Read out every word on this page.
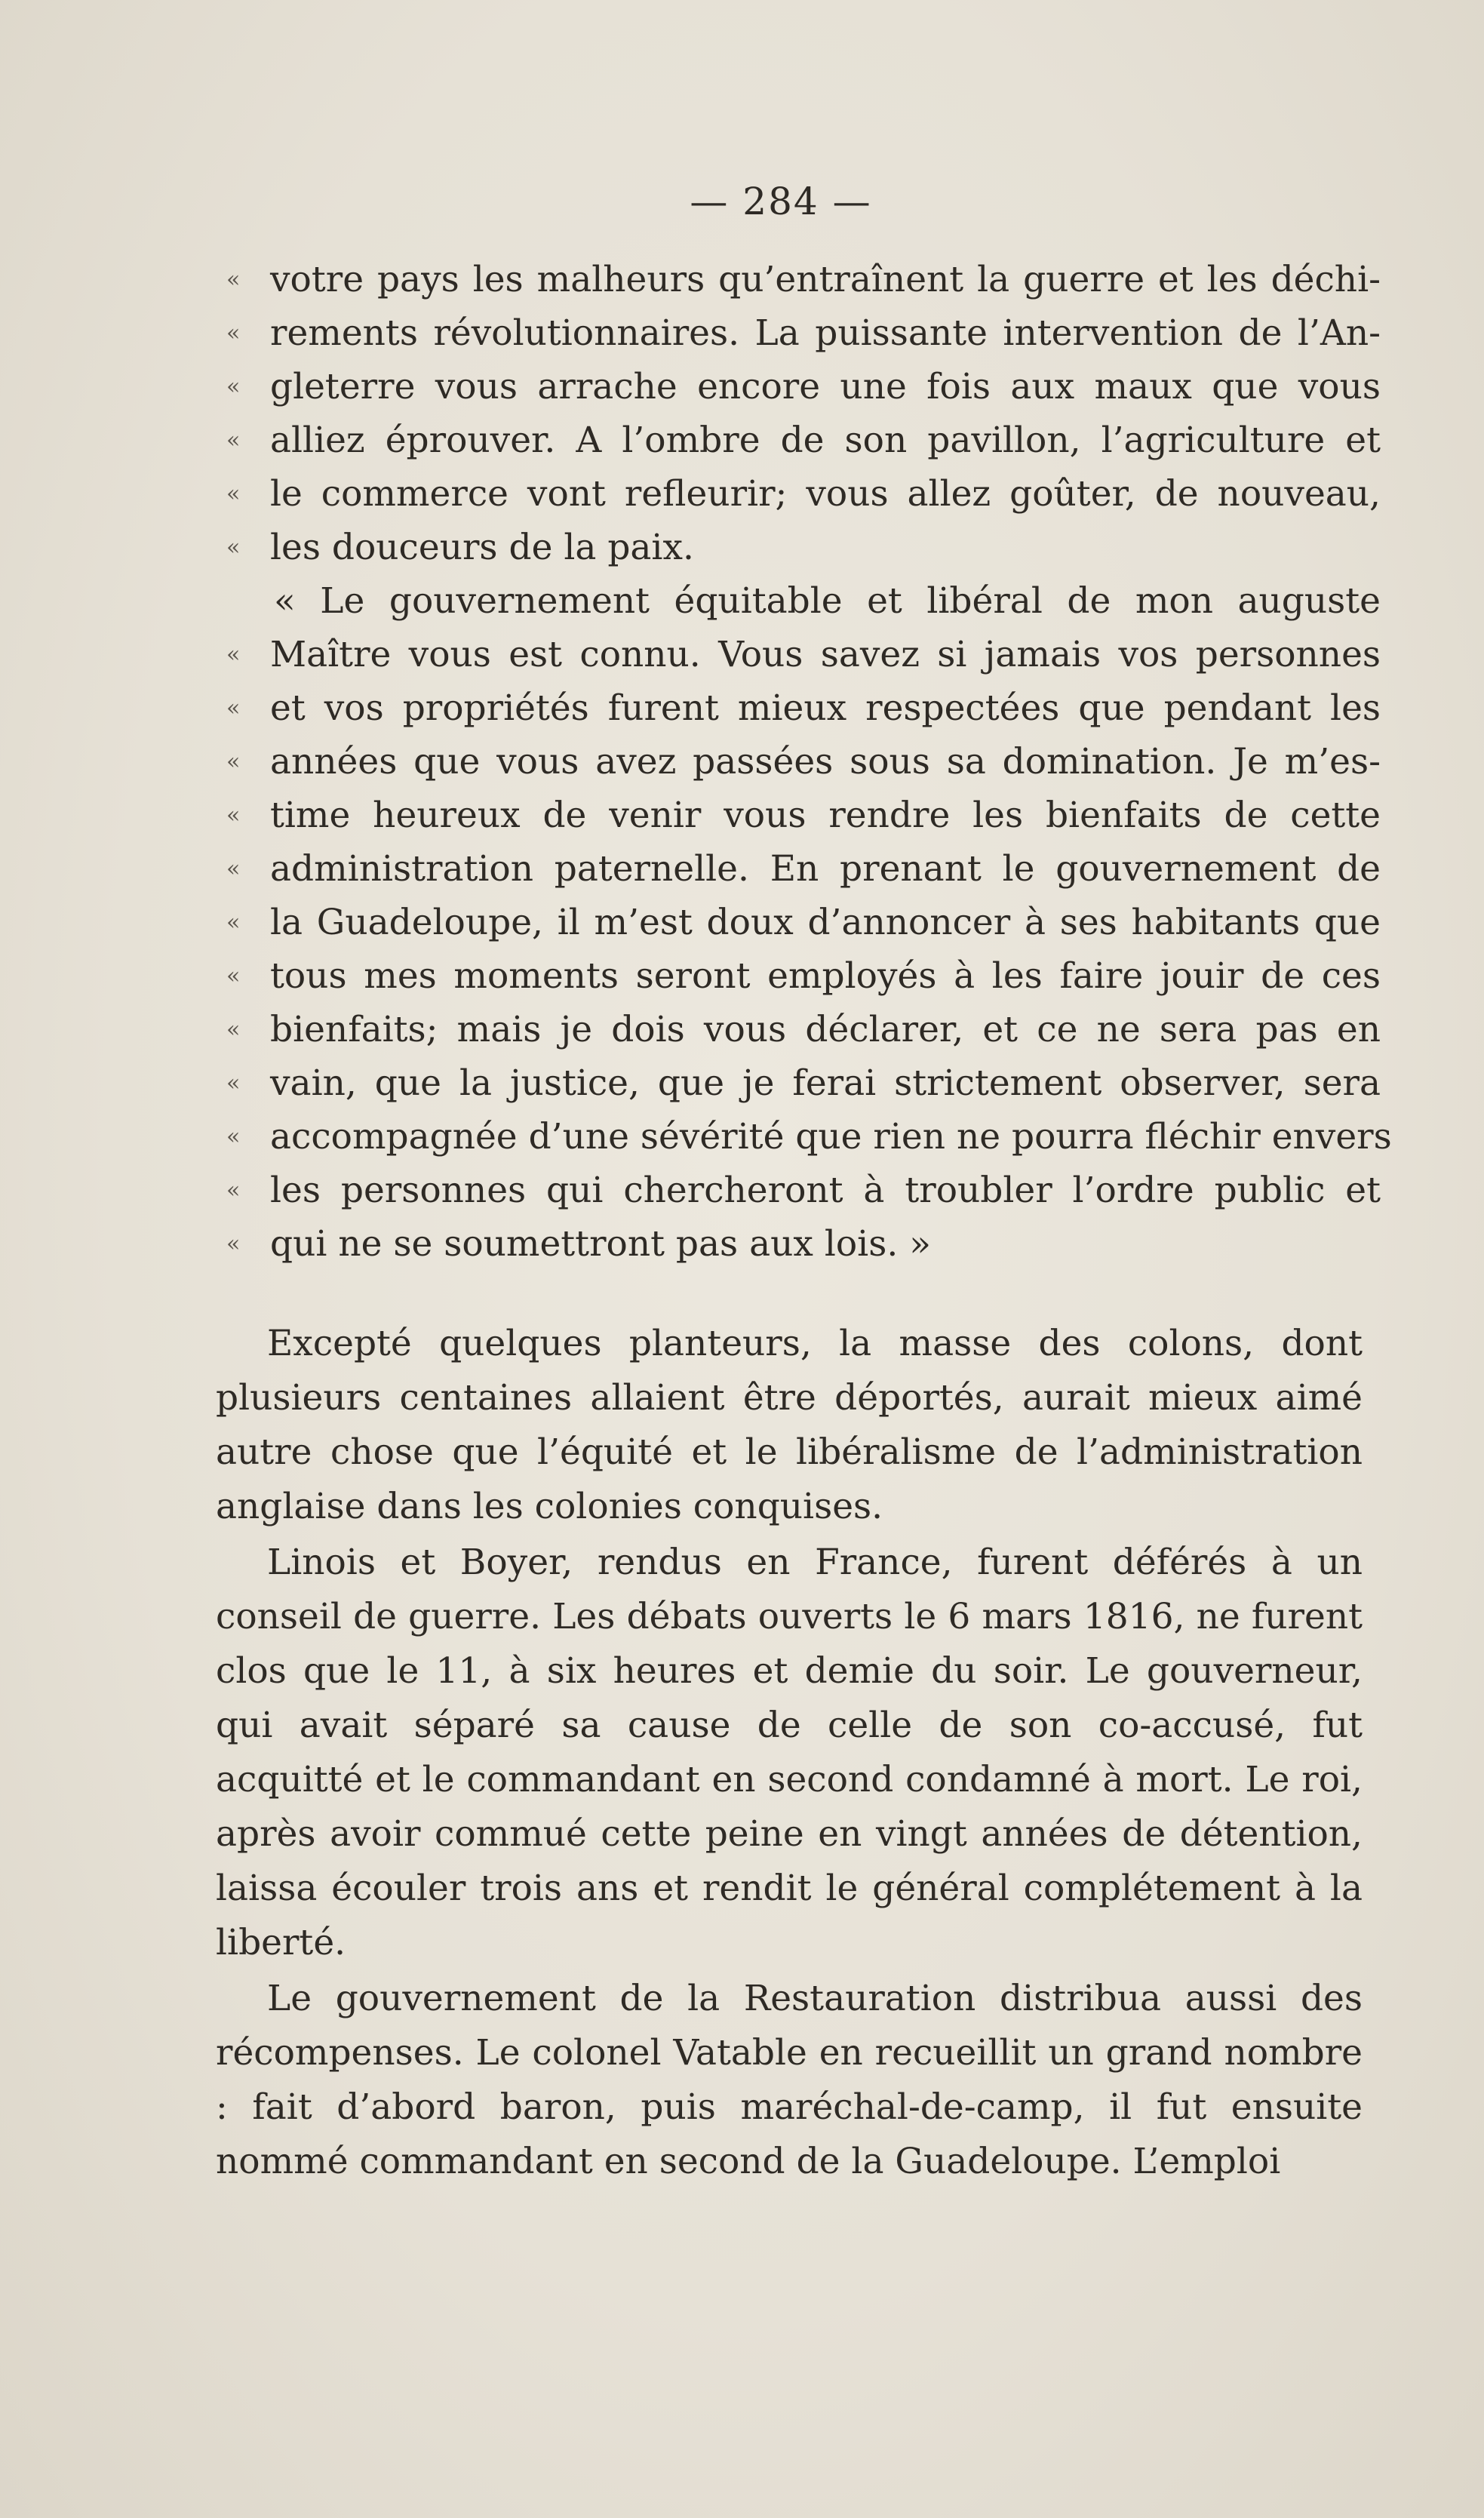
— 284 —
« votre pays les malheurs qu’entraînent la guerre et les déchi-
« rements révolutionnaires. La puissante intervention de l’An-
« gleterre vous arrache encore une fois aux maux que vous
« alliez éprouver. A l’ombre de son pavillon, l’agriculture et
« le commerce vont refleurir; vous allez goûter, de nouveau,
« les douceurs de la paix.
« Le gouvernement équitable et libéral de mon auguste
« Maître vous est connu. Vous savez si jamais vos personnes
« et vos propriétés furent mieux respectées que pendant les
« années que vous avez passées sous sa domination. Je m’es-
« time heureux de venir vous rendre les bienfaits de cette
« administration paternelle. En prenant le gouvernement de
« la Guadeloupe, il m’est doux d’annoncer à ses habitants que
« tous mes moments seront employés à les faire jouir de ces
« bienfaits; mais je dois vous déclarer, et ce ne sera pas en
« vain, que la justice, que je ferai strictement observer, sera
« accompagnée d’une sévérité que rien ne pourra fléchir envers
« les personnes qui chercheront à troubler l’ordre public et
« qui ne se soumettront pas aux lois. »

Excepté quelques planteurs, la masse des colons, dont plusieurs centaines allaient être déportés, aurait mieux aimé autre chose que l’équité et le libéralisme de l’administration anglaise dans les colonies conquises.

Linois et Boyer, rendus en France, furent déférés à un conseil de guerre. Les débats ouverts le 6 mars 1816, ne furent clos que le 11, à six heures et demie du soir. Le gouverneur, qui avait séparé sa cause de celle de son co-accusé, fut acquitté et le commandant en second condamné à mort. Le roi, après avoir commué cette peine en vingt années de détention, laissa écouler trois ans et rendit le général complétement à la liberté.

Le gouvernement de la Restauration distribua aussi des récompenses. Le colonel Vatable en recueillit un grand nombre : fait d’abord baron, puis maréchal-de-camp, il fut ensuite nommé commandant en second de la Guadeloupe. L’emploi
